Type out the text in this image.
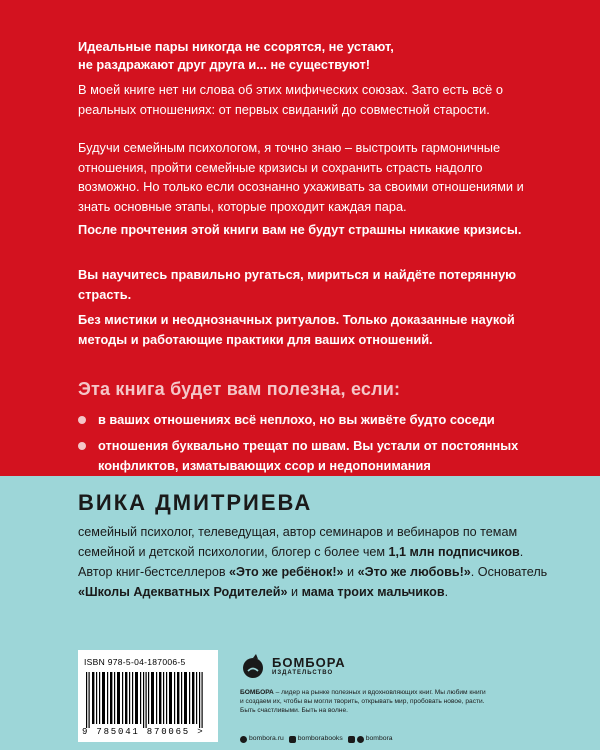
Идеальные пары никогда не ссорятся, не устают,
не раздражают друг друга и... не существуют!
В моей книге нет ни слова об этих мифических союзах. Зато есть всё о реальных отношениях: от первых свиданий до совместной старости.
Будучи семейным психологом, я точно знаю – выстроить гармоничные отношения, пройти семейные кризисы и сохранить страсть надолго возможно. Но только если осознанно ухаживать за своими отношениями и знать основные этапы, которые проходит каждая пара.
После прочтения этой книги вам не будут страшны никакие кризисы.
Вы научитесь правильно ругаться, мириться и найдёте потерянную страсть.
Без мистики и неоднозначных ритуалов. Только доказанные наукой методы и работающие практики для ваших отношений.
Эта книга будет вам полезна, если:
в ваших отношениях всё неплохо, но вы живёте будто соседи
отношения буквально трещат по швам. Вы устали от постоянных конфликтов, изматывающих ссор и недопонимания
ВИКА ДМИТРИЕВА
семейный психолог, телеведущая, автор семинаров и вебинаров по темам семейной и детской психологии, блогер с более чем 1,1 млн подписчиков. Автор книг-бестселлеров «Это же ребёнок!» и «Это же любовь!». Основатель «Школы Адекватных Родителей» и мама троих мальчиков.
ISBN 978-5-04-187006-5
9 785041 870065 >
БОМБОРА
ИЗДАТЕЛЬСТВО
БОМБОРА – лидер на рынке полезных и вдохновляющих книг. Мы любим книги и создаем их, чтобы вы могли творить, открывать мир, пробовать новое, расти. Быть счастливыми. Быть на волне.
bombora.ru bomborabooks	bombora
